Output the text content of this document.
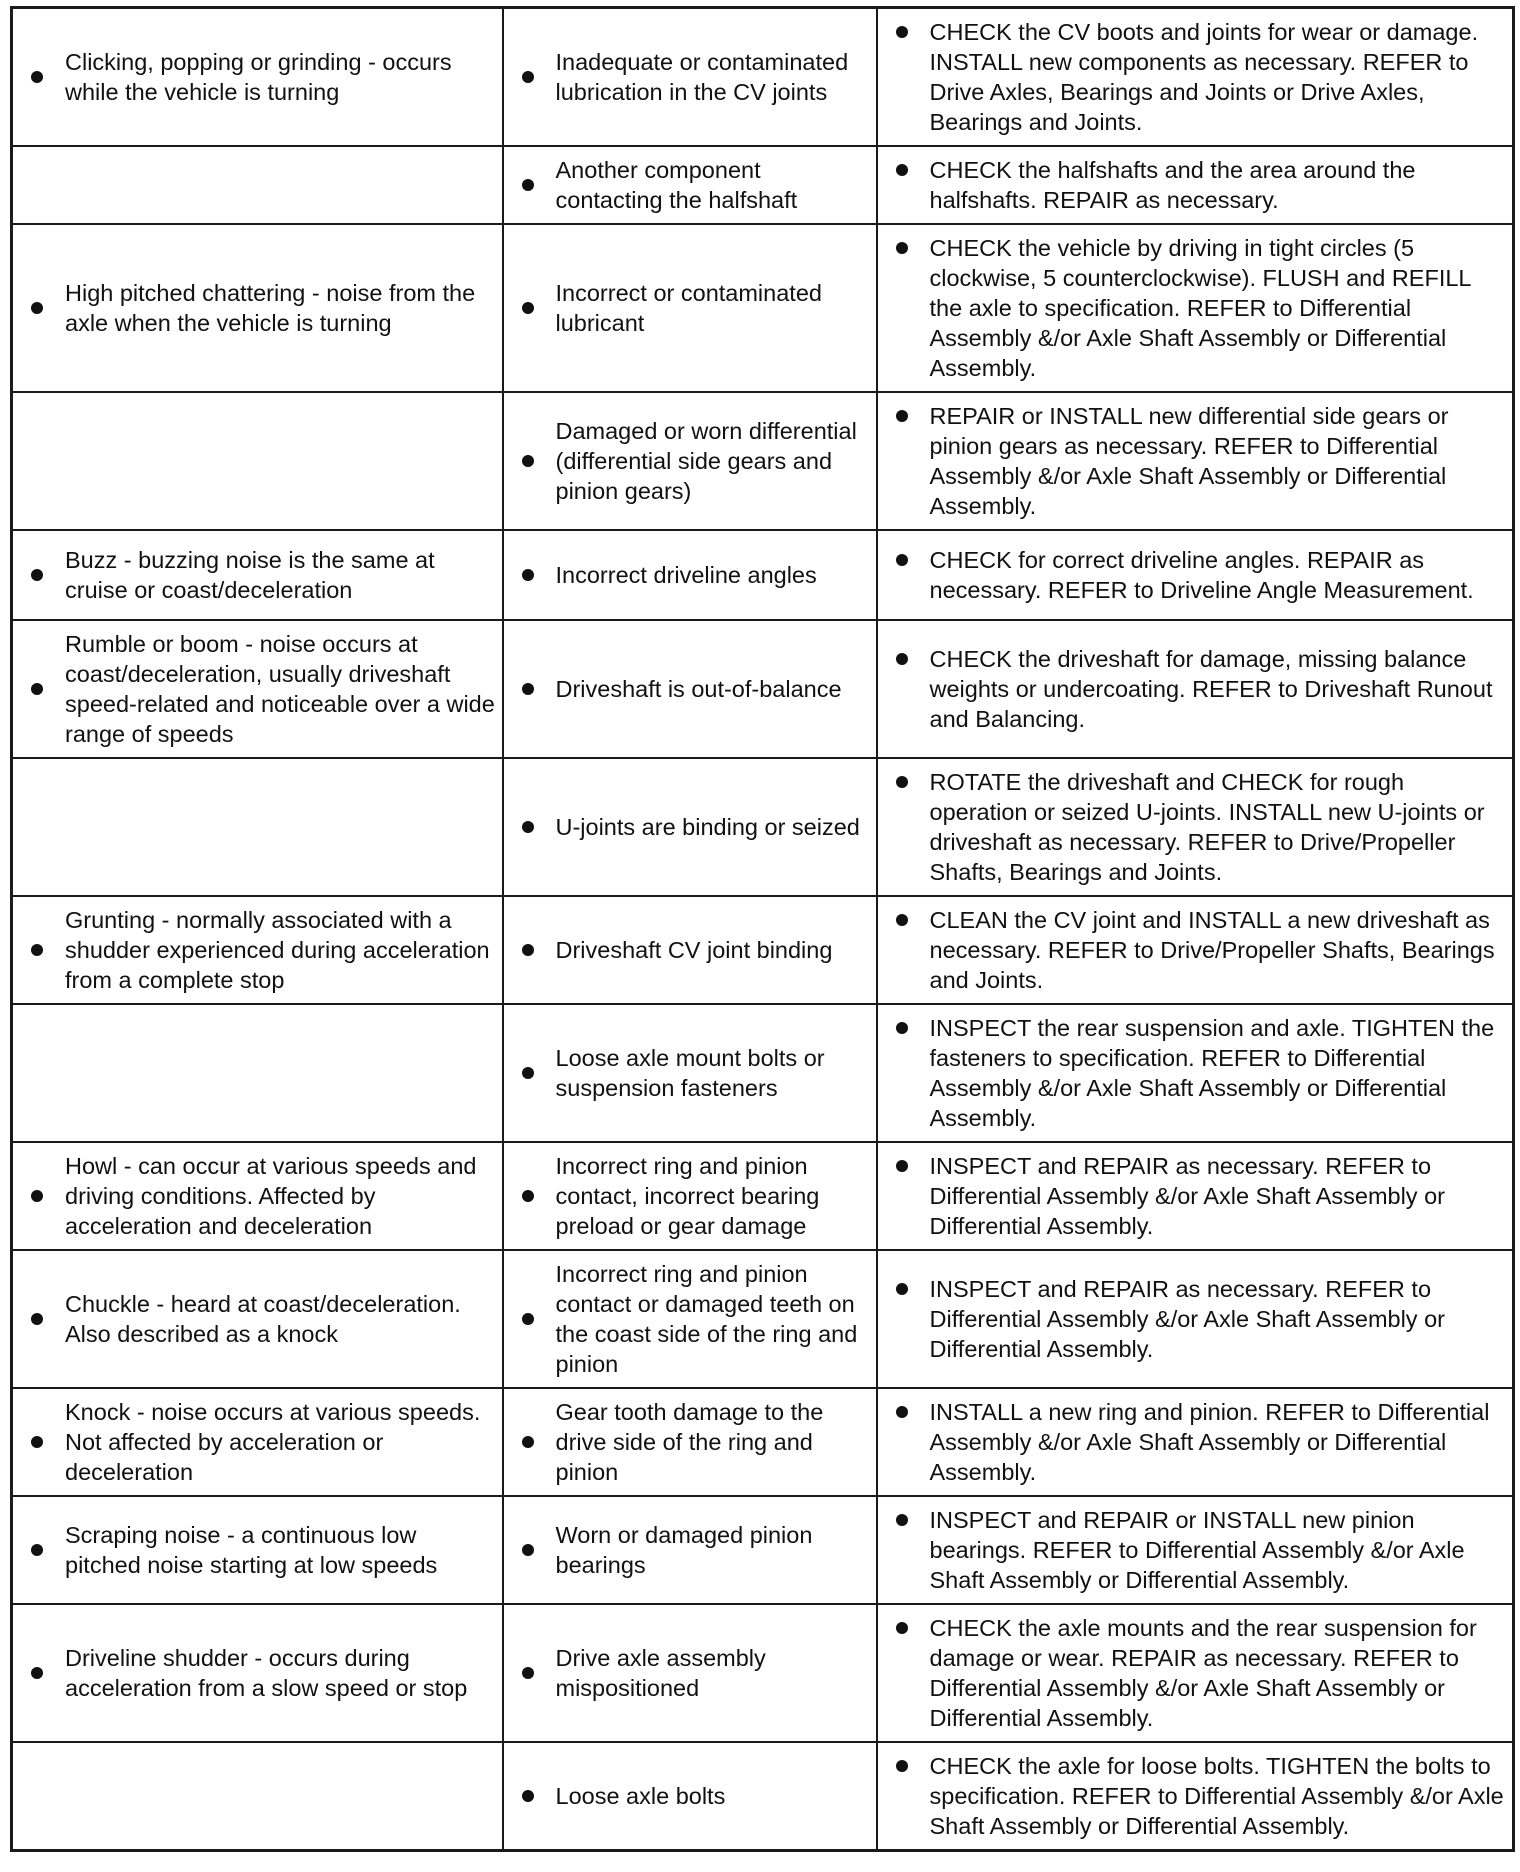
Clicking, popping or grinding - occurs while the vehicle is turning	Inadequate or contaminated lubrication in the CV joints	CHECK the CV boots and joints for wear or damage. INSTALL new components as necessary. REFER to Drive Axles, Bearings and Joints or Drive Axles, Bearings and Joints.

	Another component contacting the halfshaft	CHECK the halfshafts and the area around the halfshafts. REPAIR as necessary.

High pitched chattering - noise from the axle when the vehicle is turning	Incorrect or contaminated lubricant	CHECK the vehicle by driving in tight circles (5 clockwise, 5 counterclockwise). FLUSH and REFILL the axle to specification. REFER to Differential Assembly &/or Axle Shaft Assembly or Differential Assembly.

	Damaged or worn differential (differential side gears and pinion gears)	REPAIR or INSTALL new differential side gears or pinion gears as necessary. REFER to Differential Assembly &/or Axle Shaft Assembly or Differential Assembly.

Buzz - buzzing noise is the same at cruise or coast/deceleration	Incorrect driveline angles	CHECK for correct driveline angles. REPAIR as necessary. REFER to Driveline Angle Measurement.

Rumble or boom - noise occurs at coast/deceleration, usually driveshaft speed-related and noticeable over a wide range of speeds	Driveshaft is out-of-balance	CHECK the driveshaft for damage, missing balance weights or undercoating. REFER to Driveshaft Runout and Balancing.

	U-joints are binding or seized	ROTATE the driveshaft and CHECK for rough operation or seized U-joints. INSTALL new U-joints or driveshaft as necessary. REFER to Drive/Propeller Shafts, Bearings and Joints.

Grunting - normally associated with a shudder experienced during acceleration from a complete stop	Driveshaft CV joint binding	CLEAN the CV joint and INSTALL a new driveshaft as necessary. REFER to Drive/Propeller Shafts, Bearings and Joints.

	Loose axle mount bolts or suspension fasteners	INSPECT the rear suspension and axle. TIGHTEN the fasteners to specification. REFER to Differential Assembly &/or Axle Shaft Assembly or Differential Assembly.

Howl - can occur at various speeds and driving conditions. Affected by acceleration and deceleration	Incorrect ring and pinion contact, incorrect bearing preload or gear damage	INSPECT and REPAIR as necessary. REFER to Differential Assembly &/or Axle Shaft Assembly or Differential Assembly.

Chuckle - heard at coast/deceleration. Also described as a knock	Incorrect ring and pinion contact or damaged teeth on the coast side of the ring and pinion	INSPECT and REPAIR as necessary. REFER to Differential Assembly &/or Axle Shaft Assembly or Differential Assembly.

Knock - noise occurs at various speeds. Not affected by acceleration or deceleration	Gear tooth damage to the drive side of the ring and pinion	INSTALL a new ring and pinion. REFER to Differential Assembly &/or Axle Shaft Assembly or Differential Assembly.

Scraping noise - a continuous low pitched noise starting at low speeds	Worn or damaged pinion bearings	INSPECT and REPAIR or INSTALL new pinion bearings. REFER to Differential Assembly &/or Axle Shaft Assembly or Differential Assembly.

Driveline shudder - occurs during acceleration from a slow speed or stop	Drive axle assembly mispositioned	CHECK the axle mounts and the rear suspension for damage or wear. REPAIR as necessary. REFER to Differential Assembly &/or Axle Shaft Assembly or Differential Assembly.

	Loose axle bolts	CHECK the axle for loose bolts. TIGHTEN the bolts to specification. REFER to Differential Assembly &/or Axle Shaft Assembly or Differential Assembly.
